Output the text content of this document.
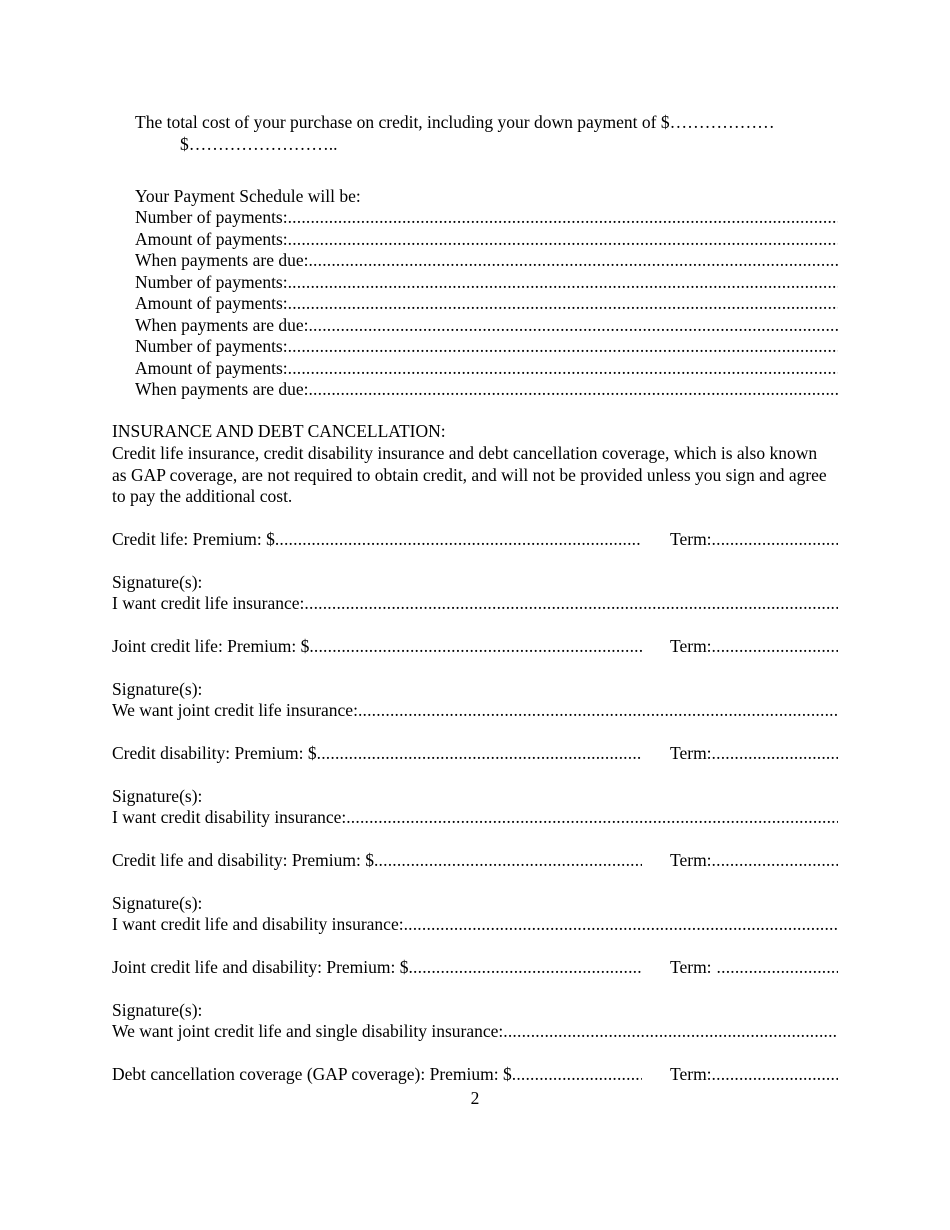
The total cost of your purchase on credit, including your down payment of $………………
$……………………..
Your Payment Schedule will be:
Number of payments:
.....
Amount of payments:
.....
When payments are due:
.....
Number of payments:
.....
Amount of payments:
.....
When payments are due:
.....
Number of payments:
.....
Amount of payments:
.....
When payments are due:
.....
INSURANCE AND DEBT CANCELLATION:
Credit life insurance, credit disability insurance and debt cancellation coverage, which is also known as GAP coverage, are not required to obtain credit, and will not be provided unless you sign and agree to pay the additional cost.
Credit life: Premium: $ .....	Term:
.....
Signature(s):
I want credit life insurance:
.....
Joint credit life: Premium: $ .....	Term:
.....
Signature(s):
We want joint credit life insurance:
.....
Credit disability: Premium: $ .....	Term:
.....
Signature(s):
I want credit disability insurance:
.....
Credit life and disability: Premium: $ .....	Term:
.....
Signature(s):
I want credit life and disability insurance:
.....
Joint credit life and disability: Premium: $ .....	Term:
.....
Signature(s):
We want joint credit life and single disability insurance:
.....
Debt cancellation coverage (GAP coverage): Premium: $ .....	Term:
.....
2
